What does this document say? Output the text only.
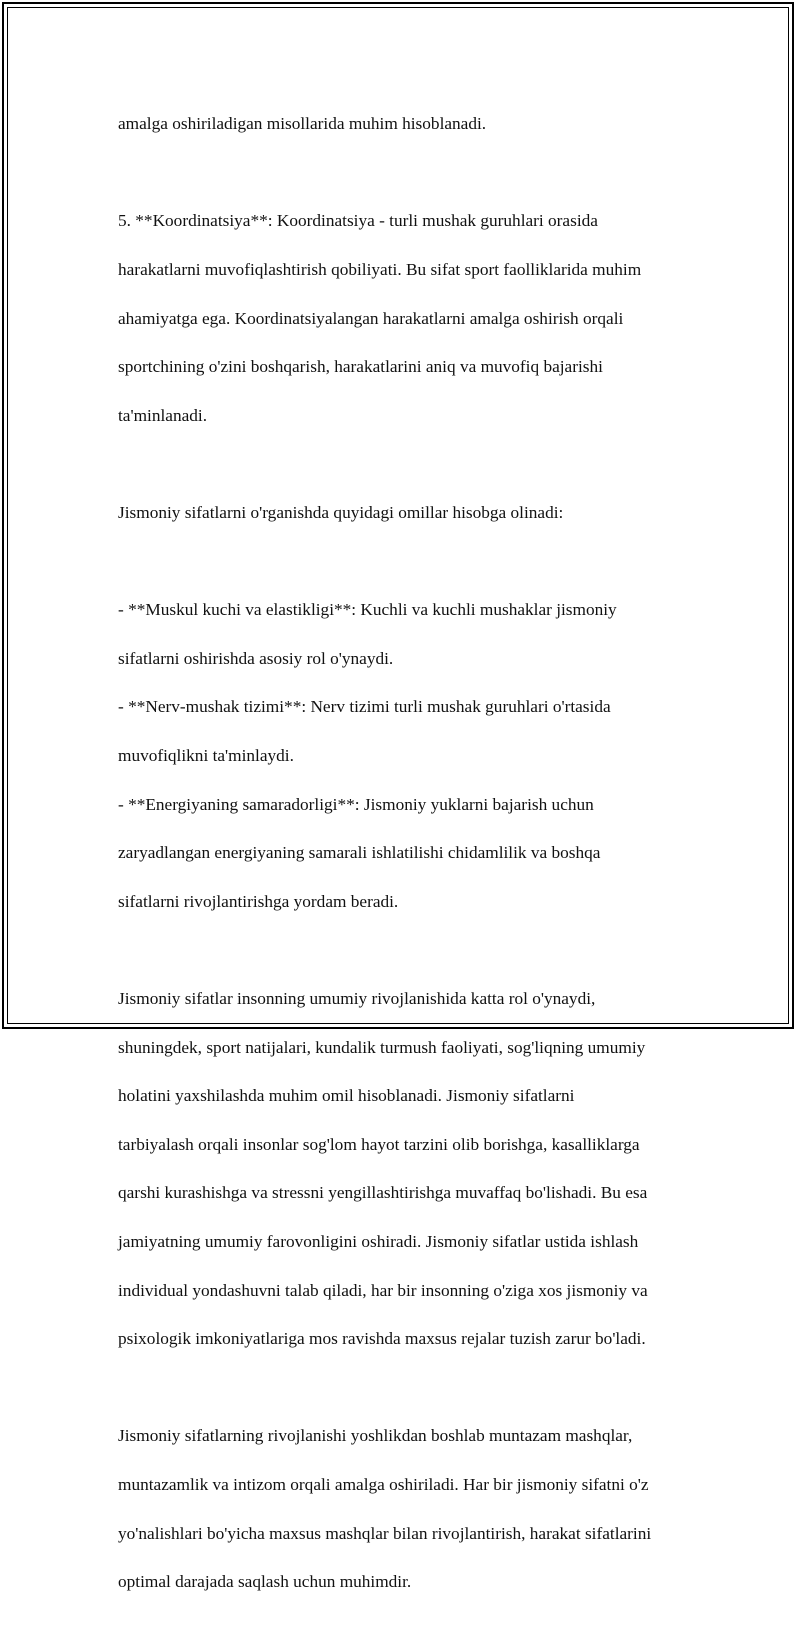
amalga oshiriladigan misollarida muhim hisoblanadi.

5. **Koordinatsiya**: Koordinatsiya - turli mushak guruhlari orasida

harakatlarni muvofiqlashtirish qobiliyati. Bu sifat sport faolliklarida muhim

ahamiyatga ega. Koordinatsiyalangan harakatlarni amalga oshirish orqali

sportchining o'zini boshqarish, harakatlarini aniq va muvofiq bajarishi

ta'minlanadi.

Jismoniy sifatlarni o'rganishda quyidagi omillar hisobga olinadi:

- **Muskul kuchi va elastikligi**: Kuchli va kuchli mushaklar jismoniy

sifatlarni oshirishda asosiy rol o'ynaydi.

- **Nerv-mushak tizimi**: Nerv tizimi turli mushak guruhlari o'rtasida

muvofiqlikni ta'minlaydi.

- **Energiyaning samaradorligi**: Jismoniy yuklarni bajarish uchun

zaryadlangan energiyaning samarali ishlatilishi chidamlilik va boshqa

sifatlarni rivojlantirishga yordam beradi.

Jismoniy sifatlar insonning umumiy rivojlanishida katta rol o'ynaydi,

shuningdek, sport natijalari, kundalik turmush faoliyati, sog'liqning umumiy

holatini yaxshilashda muhim omil hisoblanadi. Jismoniy sifatlarni

tarbiyalash orqali insonlar sog'lom hayot tarzini olib borishga, kasalliklarga

qarshi kurashishga va stressni yengillashtirishga muvaffaq bo'lishadi. Bu esa

jamiyatning umumiy farovonligini oshiradi. Jismoniy sifatlar ustida ishlash

individual yondashuvni talab qiladi, har bir insonning o'ziga xos jismoniy va

psixologik imkoniyatlariga mos ravishda maxsus rejalar tuzish zarur bo'ladi.

Jismoniy sifatlarning rivojlanishi yoshlikdan boshlab muntazam mashqlar,

muntazamlik va intizom orqali amalga oshiriladi. Har bir jismoniy sifatni o'z

yo'nalishlari bo'yicha maxsus mashqlar bilan rivojlantirish, harakat sifatlarini

optimal darajada saqlash uchun muhimdir.
